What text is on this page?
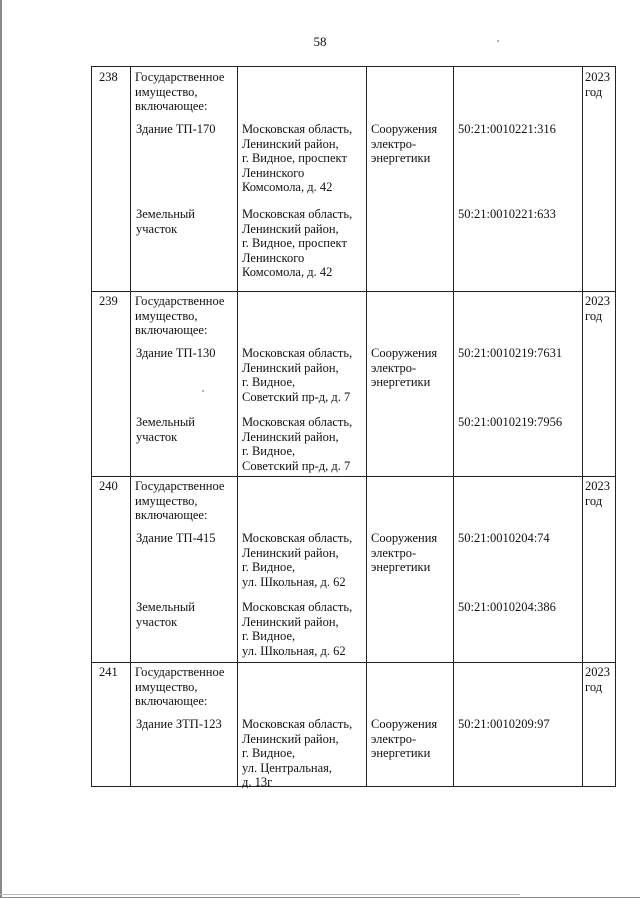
58
238 Государственное
имущество,
включающее:
2023
год
Здание ТП-170 Московская область,
Ленинский район,
г. Видное, проспект
Ленинского
Комсомола, д. 42
Сооружения
электро-
энергетики
50:21:0010221:316
Земельный
участок
Московская область,
Ленинский район,
г. Видное, проспект
Ленинского
Комсомола, д. 42
50:21:0010221:633
239 Государственное
имущество,
включающее:
2023
год
Здание ТП-130 Московская область,
Ленинский район,
г. Видное,
Советский пр-д, д. 7
Сооружения
электро-
энергетики
50:21:0010219:7631
Земельный
участок
Московская область,
Ленинский район,
г. Видное,
Советский пр-д, д. 7
50:21:0010219:7956
240 Государственное
имущество,
включающее:
2023
год
Здание ТП-415 Московская область,
Ленинский район,
г. Видное,
ул. Школьная, д. 62
Сооружения
электро-
энергетики
50:21:0010204:74
Земельный
участок
Московская область,
Ленинский район,
г. Видное,
ул. Школьная, д. 62
50:21:0010204:386
241 Государственное
имущество,
включающее:
2023
год
Здание ЗТП-123 Московская область,
Ленинский район,
г. Видное,
ул. Центральная,
д. 13г
Сооружения
электро-
энергетики
50:21:0010209:97
